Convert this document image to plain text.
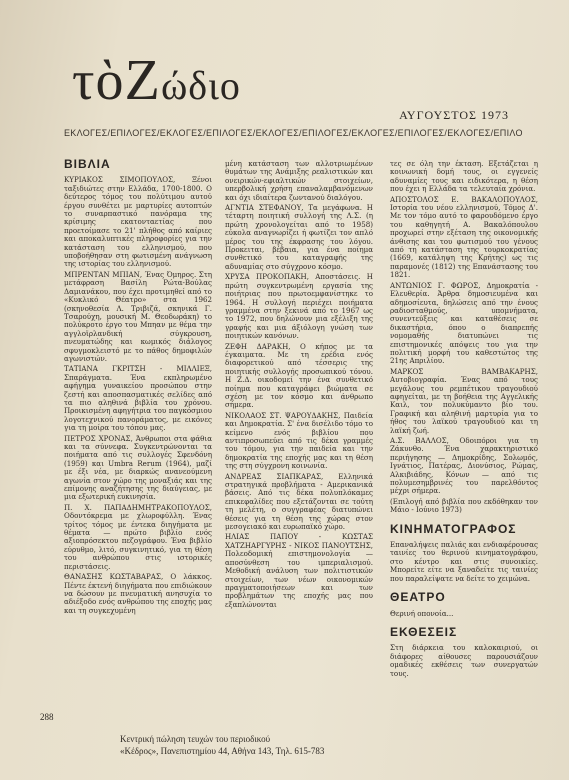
τὸΖώδιο
ΑΥΓΟΥΣΤΟΣ 1973
ΕΚΛΟΓΕΣ/ΕΠΙΛΟΓΕΣ/ΕΚΛΟΓΕΣ/ΕΠΙΛΟΓΕΣ/ΕΚΛΟΓΕΣ/ΕΠΙΛΟΓΕΣ/ΕΚΛΟΓΕΣ/ΕΠΙΛΟΓΕΣ/ΕΚΛΟΓΕΣ/ΕΠΙΛΟ
ΒΙΒΛΙΑ

ΚΥΡΙΑΚΟΣ ΣΙΜΟΠΟΥΛΟΣ, Ξένοι ταξιδιώτες στην Ελλάδα, 1700-1800. Ο δεύτερος τόμος του πολύτιμου αυτού έργου συνθέτει με μαρτυρίες αυτοπτών το συναρπαστικό πανόραμα της κρίσιμης εκατονταετίας που προετοίμασε το 21' πλήθος από καίριες και αποκαλυπτικές πληροφορίες για την κατάσταση του ελληνισμού, που υποβοήθησαν στη φωτισμένη ανάγνωση της ιστορίας του ελληνισμού.

ΜΠΡΕΝΤΑΝ ΜΠΙΑΝ, Ένας Όμηρος. Στη μετάφραση Βασίλη Ρώτα-Βούλας Δαμιανάκου, που έχει προτιμηθεί από το «Κυκλικό Θέατρο» στα 1962 (σκηνοθεσία Λ. Τριβιζά, σκηνικά Γ. Τσαρούχη, μουσική Μ. Θεοδωράκη) το πολύκροτο έργο του Μπηαν με θέμα την αγγλοϊρλανδική σύγκρουση, πνευματώδης και κωμικός διάλογος σφυγμοκλειστό με το πάθος δημοφιλών αγωνιστών.

ΤΑΤΙΑΝΑ ΓΚΡΙΤΣΗ - ΜΙΛΛΙΕΞ, Σπαράγματα. Ένα εκπληρωμένο αφήγημα γυναικείου προσώπου στην ζεστή και αποσπασματικές σελίδες από τα πιο αληθινά βιβλία του χρόνου. Προικισμένη αφηγήτρια του παγκόσμιου λογοτεχνικού πανοράματος, με εικόνες για τη μοίρα του τόπου μας.

ΠΕΤΡΟΣ ΧΡΟΝΑΣ, Άνθρωποι στα φάθια και τα σύννεφα. Συγκεντρώνονται τα ποιήματα από τις συλλογές Σφενδόνη (1959) και Umbra Rerum (1964), μαζί με έξι νέα, με διαρκώς ανανεούμενη αγωνία στον χώρο της μοναξιάς και της επίμονης αναζήτησης της διαύγειας, με μια εξωτερική ευκινησία.

Π. Χ. ΠΑΠΑΔΗΜΗΤΡΑΚΟΠΟΥΛΟΣ, Οδοντόκρεμα με χλωροφύλλη. Ένας τρίτος τόμος με έντεκα διηγήματα με θέματα — πρώτο βιβλίο ενός αξιοπρόσεκτου πεζογράφου. Ένα βιβλίο εύρυθμο, λιτό, συγκινητικό, για τη θέση του ανθρώπου στις ιστορικές περιστάσεις.

ΘΑΝΑΣΗΣ ΚΩΣΤΑΒΑΡΑΣ, Ο λάκκος. Πέντε έκτενή διηγήματα που επιδιώκουν να δώσουν με πνευματική ανησυχία το αδιέξοδο ενός ανθρώπου της εποχής μας και τη συγκεχυμένη

μένη κατάσταση των αλλοτριωμένων θυμάτων της Ανάμιξης ρεαλιστικών και ονειρικών-εφιαλτικών στοιχείων, υπερβολική χρήση επαναλαμβανόμενων και όχι ιδιαίτερα ζωντανού διαλόγου.

ΑΓΝΤΙΑ ΣΤΕΦΑΝΟΥ, Τα μεγάφωνα. Η τέταρτη ποιητική συλλογή της Λ.Σ. (η πρώτη χρονολογείται από το 1958) εύκολα αναγνωρίζει ή φωτίζει τον απλό μέρος του της έκφρασης του λόγου. Προκειται, βέβαια, για ένα ποίημα συνθετικό του καταγραφής της αδυναμίας στο σύγχρονο κόσμο.

ΧΡΥΣΑ ΠΡΟΚΟΠΑΚΗ, Αποστάσεις. Η πρώτη συγκεντρωμένη εργασία της ποιήτριας που πρωτοεμφανίστηκε το 1964. Η συλλογή περιέχει ποιήματα γραμμένα στην ξεκινά από το 1967 ως το 1972, που δηλώνουν μια εξέλιξη της γραφής και μια άξιόλογη γνώση των ποιητικών κανόνων.

ΖΕΦΗ ΔΑΡΑΚΗ, Ο κήπος με τα έγκαιματα. Με τη ερέδια ενός διαφορετικού από τέσσερις της ποιητικής συλλογής προσωπικού τόνου. Η Ζ.Δ. οικοδομεί την ένα συνθετικό ποίημα που καταγράφει βιώματα σε σχέση με τον κόσμο και άνθρωπο σήμερα.

ΝΙΚΟΛΑΟΣ ΣΤ. ΨΑΡΟΥΔΑΚΗΣ, Παιδεία και Δημοκρατία. Σ' ένα δισέλιδο τόμο το κείμενο ενός βιβλίου που αντιπροσωπεύει από τις δέκα γραμμές του τόμου, για την παιδεία και την δημοκρατία της εποχής μας και τη θέση της στη σύγχρονη κοινωνία.

ΑΝΔΡΕΑΣ ΣΙΑΠΚΑΡΑΣ, Ελληνικά στρατηγικά προβλήματα - Αμερικανικά βάσεις. Από τις δέκα πολυπλόκαμες επικεφαλίδες που εξετάζονται σε τούτη τη μελέτη, ο συγγραφέας διατυπώνει θέσεις για τη θέση της χώρας στον μεσογειακό και ευρωπαϊκό χώρο.

ΗΛΙΑΣ ΠΑΠΟΥ - ΚΩΣΤΑΣ ΧΑΤΖΗΑΡΓΥΡΗΣ - ΝΙΚΟΣ ΠΑΝΟΥΤΣΗΣ, Πολεοδομική επιστημονολογία — αποσύνθεση του ιμπεριαλισμού. Μεθοδική ανάλυση των πολιτιστικών στοιχείων, των νέων οικονομικών πραγματοποιήσεων και των προβλημάτων της εποχής μας που εξαπλώνονται

τες σε όλη την έκταση. Εξετάζεται η κοινωνική δομή τους, οι εγγενείς αδυναμίες τους και ειδικότερα, η θέση που έχει η Ελλάδα τα τελευταία χρόνια.

ΑΠΟΣΤΟΛΟΣ Ε. ΒΑΚΑΛΟΠΟΥΛΟΣ, Ιστορία του νέου ελληνισμού, Τόμος Δ'. Με τον τόμο αυτό το φαρουδόμενο έργο του καθηγητή Α. Βακαλόπουλου προχωρεί στην εξέταση της οικονομικής άνθισης και του φωτισμού του γένους από τη κατάσταση της τουρκοκρατίας (1669, κατάληψη της Κρήτης) ως τις παραμονές (1812) της Επανάστασης του 1821.

ΑΝΤΩΝΙΟΣ Γ. ΦΩΡΟΣ, Δημοκρατία - Ελευθερία. Άρθρα δημοσιευμένα και αδημοσίευτα, δηλώσεις από την ένους ραδιοσταθμούς, υπομνήματα, συνεντεύξεις και καταθέσεις σε δικαστήρια, όπου ο διαπρεπής νομομαθής διατυπώνει τις επιστημονικές απόψεις του για την πολιτική μορφή του καθεστώτος της 21ης Απριλίου.

ΜΑΡΚΟΣ ΒΑΜΒΑΚΑΡΗΣ, Αυτοβιογραφία. Ένας από τους μεγάλους του ρεμπέτικου τραγουδιού αφηγείται, με τη βοήθεια της Αγγελικής Καιλ, τον πολυκύμαντο βίο του. Γραφική και αληθινή μαρτυρία για το ήθος του λαϊκού τραγουδιού και τη λαϊκή ζωή.

Α.Σ. ΒΑΛΛΟΣ, Οδοιπόροι για τη Ζάκυνθο. Ένα χαρακτηριστικό περιήγησης — Δημοκρίδης, Σολωμός, Ιγνάτιος, Πατέρας, Διονύσιος, Ρώμας, Αλκιβιάδης, Κόνων — από τις πολυμεσημβρινές του παρελθόντος μέχρι σήμερα.

(Επιλογή από βιβλία που εκδόθηκαν τον Μάιο - Ιούνιο 1973)

ΚΙΝΗΜΑΤΟΓΡΑΦΟΣ

Επαναλήψεις παλιάς και ενδιαφέρουσας ταινίες του θερινού κινηματογράφου, στο κέντρο και στις συνοικίες. Μπορείτε είτε να ξαναδείτε τις ταινίες που παραλείψατε να δείτε το χειμώνα.

ΘΕΑΤΡΟ

Θερινή οπονοία...

ΕΚΘΕΣΕΙΣ

Στη διάρκεια του καλοκαιριού, οι διάφορες αίθουσες παρουσιάζουν ομαδικές εκθέσεις των συνεργατών τους.

288
Κεντρική πώληση τευχών του περιοδικού
«Κέδρος», Πανεπιστημίου 44, Αθήνα 143, Τηλ. 615-783
